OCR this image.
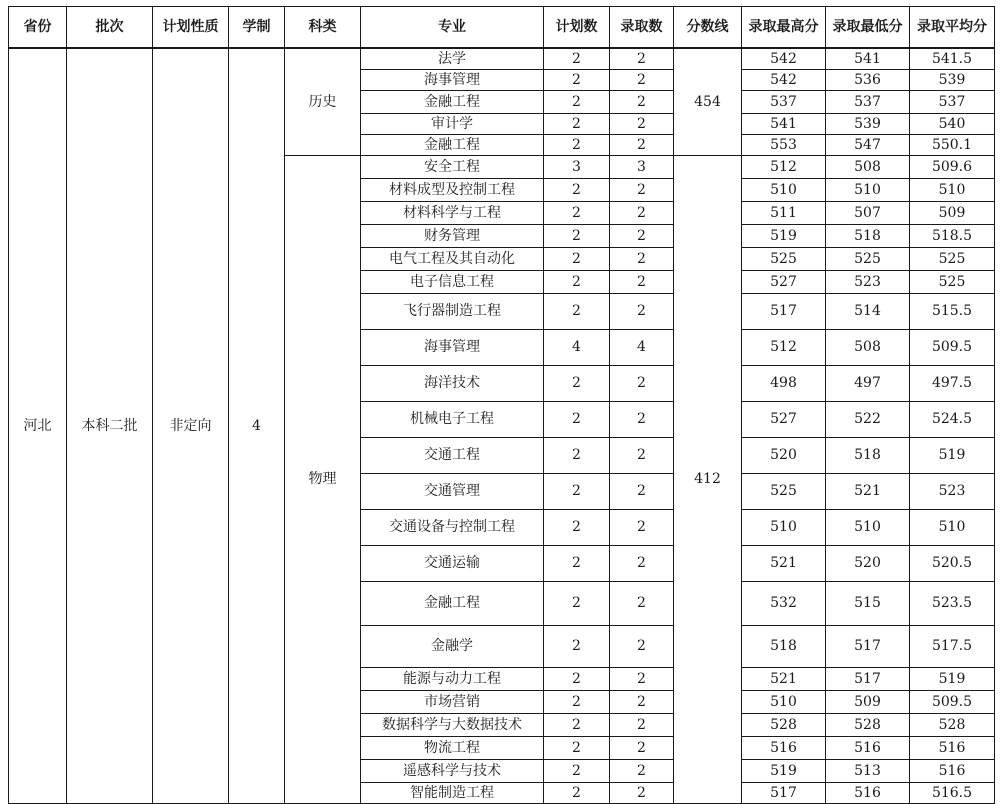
省份	批次	计划性质	学制	科类	专业	计划数	录取数	分数线	录取最高分	录取最低分	录取平均分
河北	本科二批	非定向	4	历史	法学	2	2	454	542	541	541.5
					海事管理	2	2		542	536	539
					金融工程	2	2		537	537	537
					审计学	2	2		541	539	540
					金融工程	2	2		553	547	550.1
				物理	安全工程	3	3	412	512	508	509.6
					材料成型及控制工程	2	2		510	510	510
					材料科学与工程	2	2		511	507	509
					财务管理	2	2		519	518	518.5
					电气工程及其自动化	2	2		525	525	525
					电子信息工程	2	2		527	523	525
					飞行器制造工程	2	2		517	514	515.5
					海事管理	4	4		512	508	509.5
					海洋技术	2	2		498	497	497.5
					机械电子工程	2	2		527	522	524.5
					交通工程	2	2		520	518	519
					交通管理	2	2		525	521	523
					交通设备与控制工程	2	2		510	510	510
					交通运输	2	2		521	520	520.5
					金融工程	2	2		532	515	523.5
					金融学	2	2		518	517	517.5
					能源与动力工程	2	2		521	517	519
					市场营销	2	2		510	509	509.5
					数据科学与大数据技术	2	2		528	528	528
					物流工程	2	2		516	516	516
					遥感科学与技术	2	2		519	513	516
					智能制造工程	2	2		517	516	516.5
